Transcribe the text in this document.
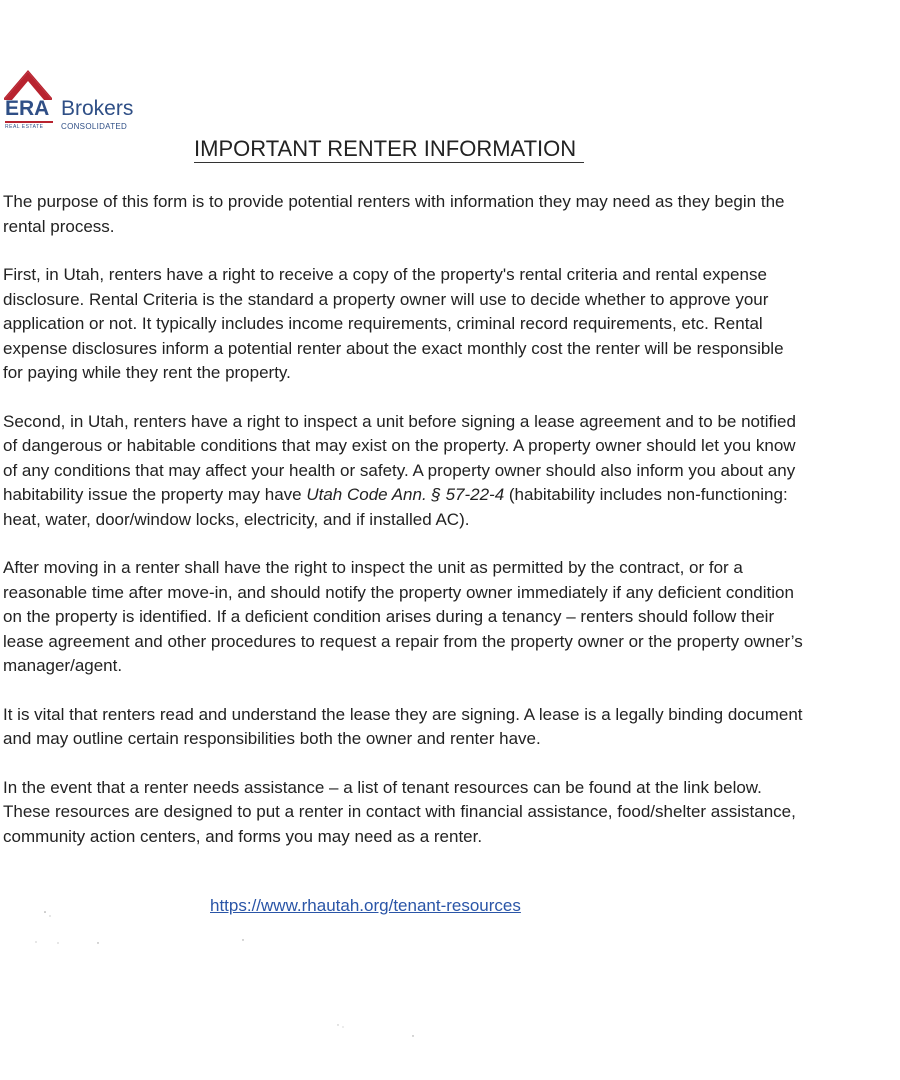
ERA Brokers
REAL ESTATE CONSOLIDATED
IMPORTANT RENTER INFORMATION

The purpose of this form is to provide potential renters with information they may need as they begin the rental process.

First, in Utah, renters have a right to receive a copy of the property's rental criteria and rental expense disclosure. Rental Criteria is the standard a property owner will use to decide whether to approve your application or not. It typically includes income requirements, criminal record requirements, etc. Rental expense disclosures inform a potential renter about the exact monthly cost the renter will be responsible for paying while they rent the property.

Second, in Utah, renters have a right to inspect a unit before signing a lease agreement and to be notified of dangerous or habitable conditions that may exist on the property. A property owner should let you know of any conditions that may affect your health or safety. A property owner should also inform you about any habitability issue the property may have Utah Code Ann. § 57-22-4 (habitability includes non-functioning: heat, water, door/window locks, electricity, and if installed AC).

After moving in a renter shall have the right to inspect the unit as permitted by the contract, or for a reasonable time after move-in, and should notify the property owner immediately if any deficient condition on the property is identified. If a deficient condition arises during a tenancy – renters should follow their lease agreement and other procedures to request a repair from the property owner or the property owner’s manager/agent.

It is vital that renters read and understand the lease they are signing. A lease is a legally binding document and may outline certain responsibilities both the owner and renter have.

In the event that a renter needs assistance – a list of tenant resources can be found at the link below. These resources are designed to put a renter in contact with financial assistance, food/shelter assistance, community action centers, and forms you may need as a renter.

https://www.rhautah.org/tenant-resources
